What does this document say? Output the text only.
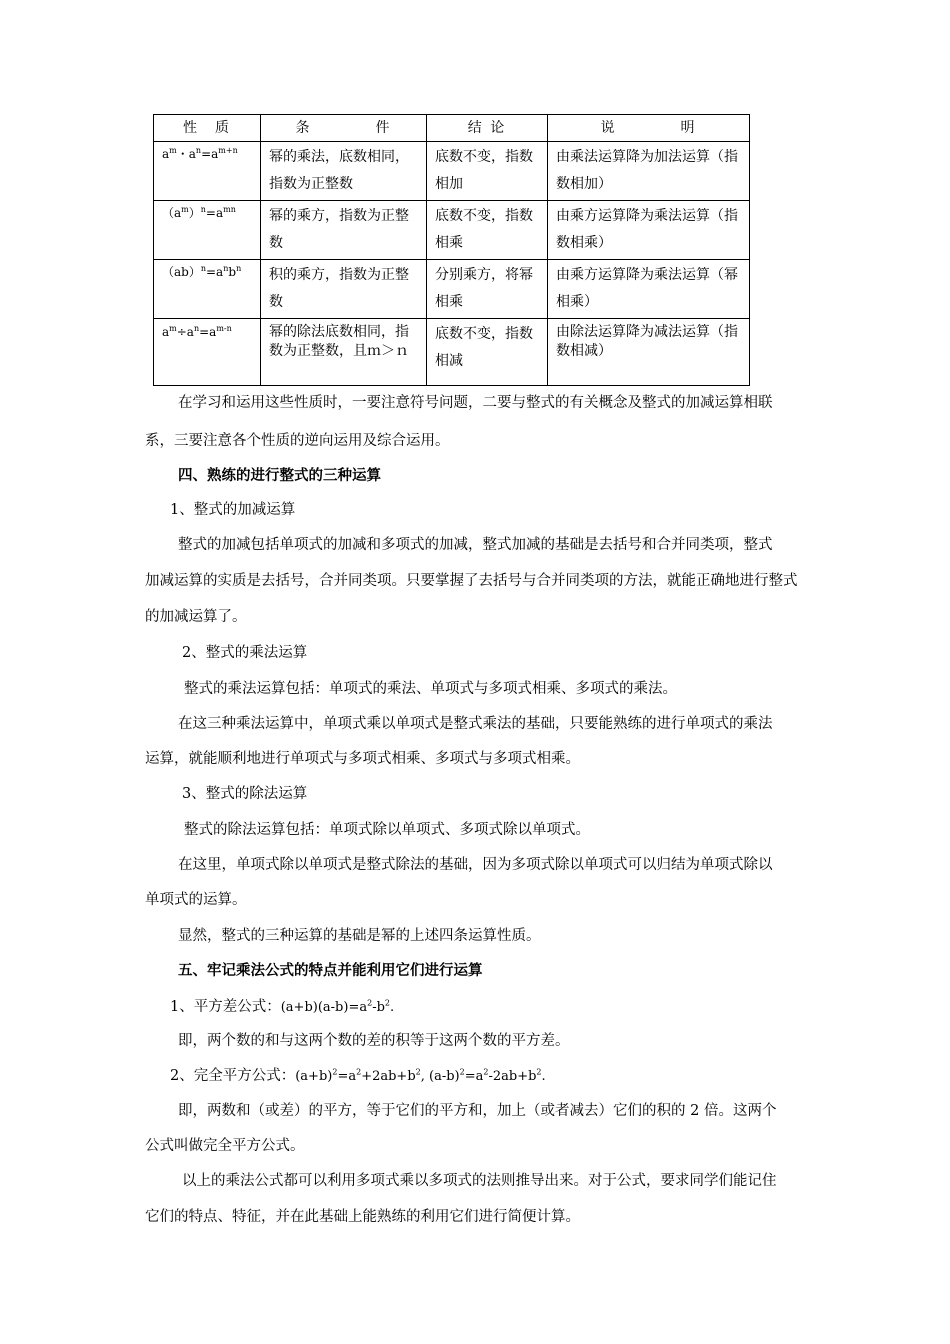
性　质	条　　　　件	结 论	说　　　　明
$a^m$・$a^n=a^{m+n}$	幂的乘法，底数相同，指数为正整数	底数不变，指数相加	由乘法运算降为加法运算（指数相加）
$(a^m)^n=a^{mn}$	幂的乘方，指数为正整数	底数不变，指数相乘	由乘方运算降为乘法运算（指数相乘）
$(ab)^n=a^nb^n$	积的乘方，指数为正整数	分别乘方，将幂相乘	由乘方运算降为乘法运算（幂相乘）
$a^m\div a^n=a^{m-n}$	幂的除法底数相同，指数为正整数，且ｍ＞ｎ	底数不变，指数相减	由除法运算降为减法运算（指数相减）
在学习和运用这些性质时，一要注意符号问题，二要与整式的有关概念及整式的加减运算相联
系，三要注意各个性质的逆向运用及综合运用。
四、熟练的进行整式的三种运算
1、整式的加减运算
整式的加减包括单项式的加减和多项式的加减，整式加减的基础是去括号和合并同类项，整式
加减运算的实质是去括号，合并同类项。只要掌握了去括号与合并同类项的方法，就能正确地进行整式
的加减运算了。
2、整式的乘法运算
整式的乘法运算包括：单项式的乘法、单项式与多项式相乘、多项式的乘法。
在这三种乘法运算中，单项式乘以单项式是整式乘法的基础，只要能熟练的进行单项式的乘法
运算，就能顺利地进行单项式与多项式相乘、多项式与多项式相乘。
3、整式的除法运算
整式的除法运算包括：单项式除以单项式、多项式除以单项式。
在这里，单项式除以单项式是整式除法的基础，因为多项式除以单项式可以归结为单项式除以
单项式的运算。
显然，整式的三种运算的基础是幂的上述四条运算性质。
五、牢记乘法公式的特点并能利用它们进行运算
1、平方差公式：$(a+b)(a-b)=a^2-b^2$.
即，两个数的和与这两个数的差的积等于这两个数的平方差。
2、完全平方公式：$(a+b)^2=a^2+2ab+b^2$, $(a-b)^2=a^2-2ab+b^2$.
即，两数和（或差）的平方，等于它们的平方和，加上（或者减去）它们的积的 2 倍。这两个
公式叫做完全平方公式。
以上的乘法公式都可以利用多项式乘以多项式的法则推导出来。对于公式，要求同学们能记住
它们的特点、特征，并在此基础上能熟练的利用它们进行简便计算。
